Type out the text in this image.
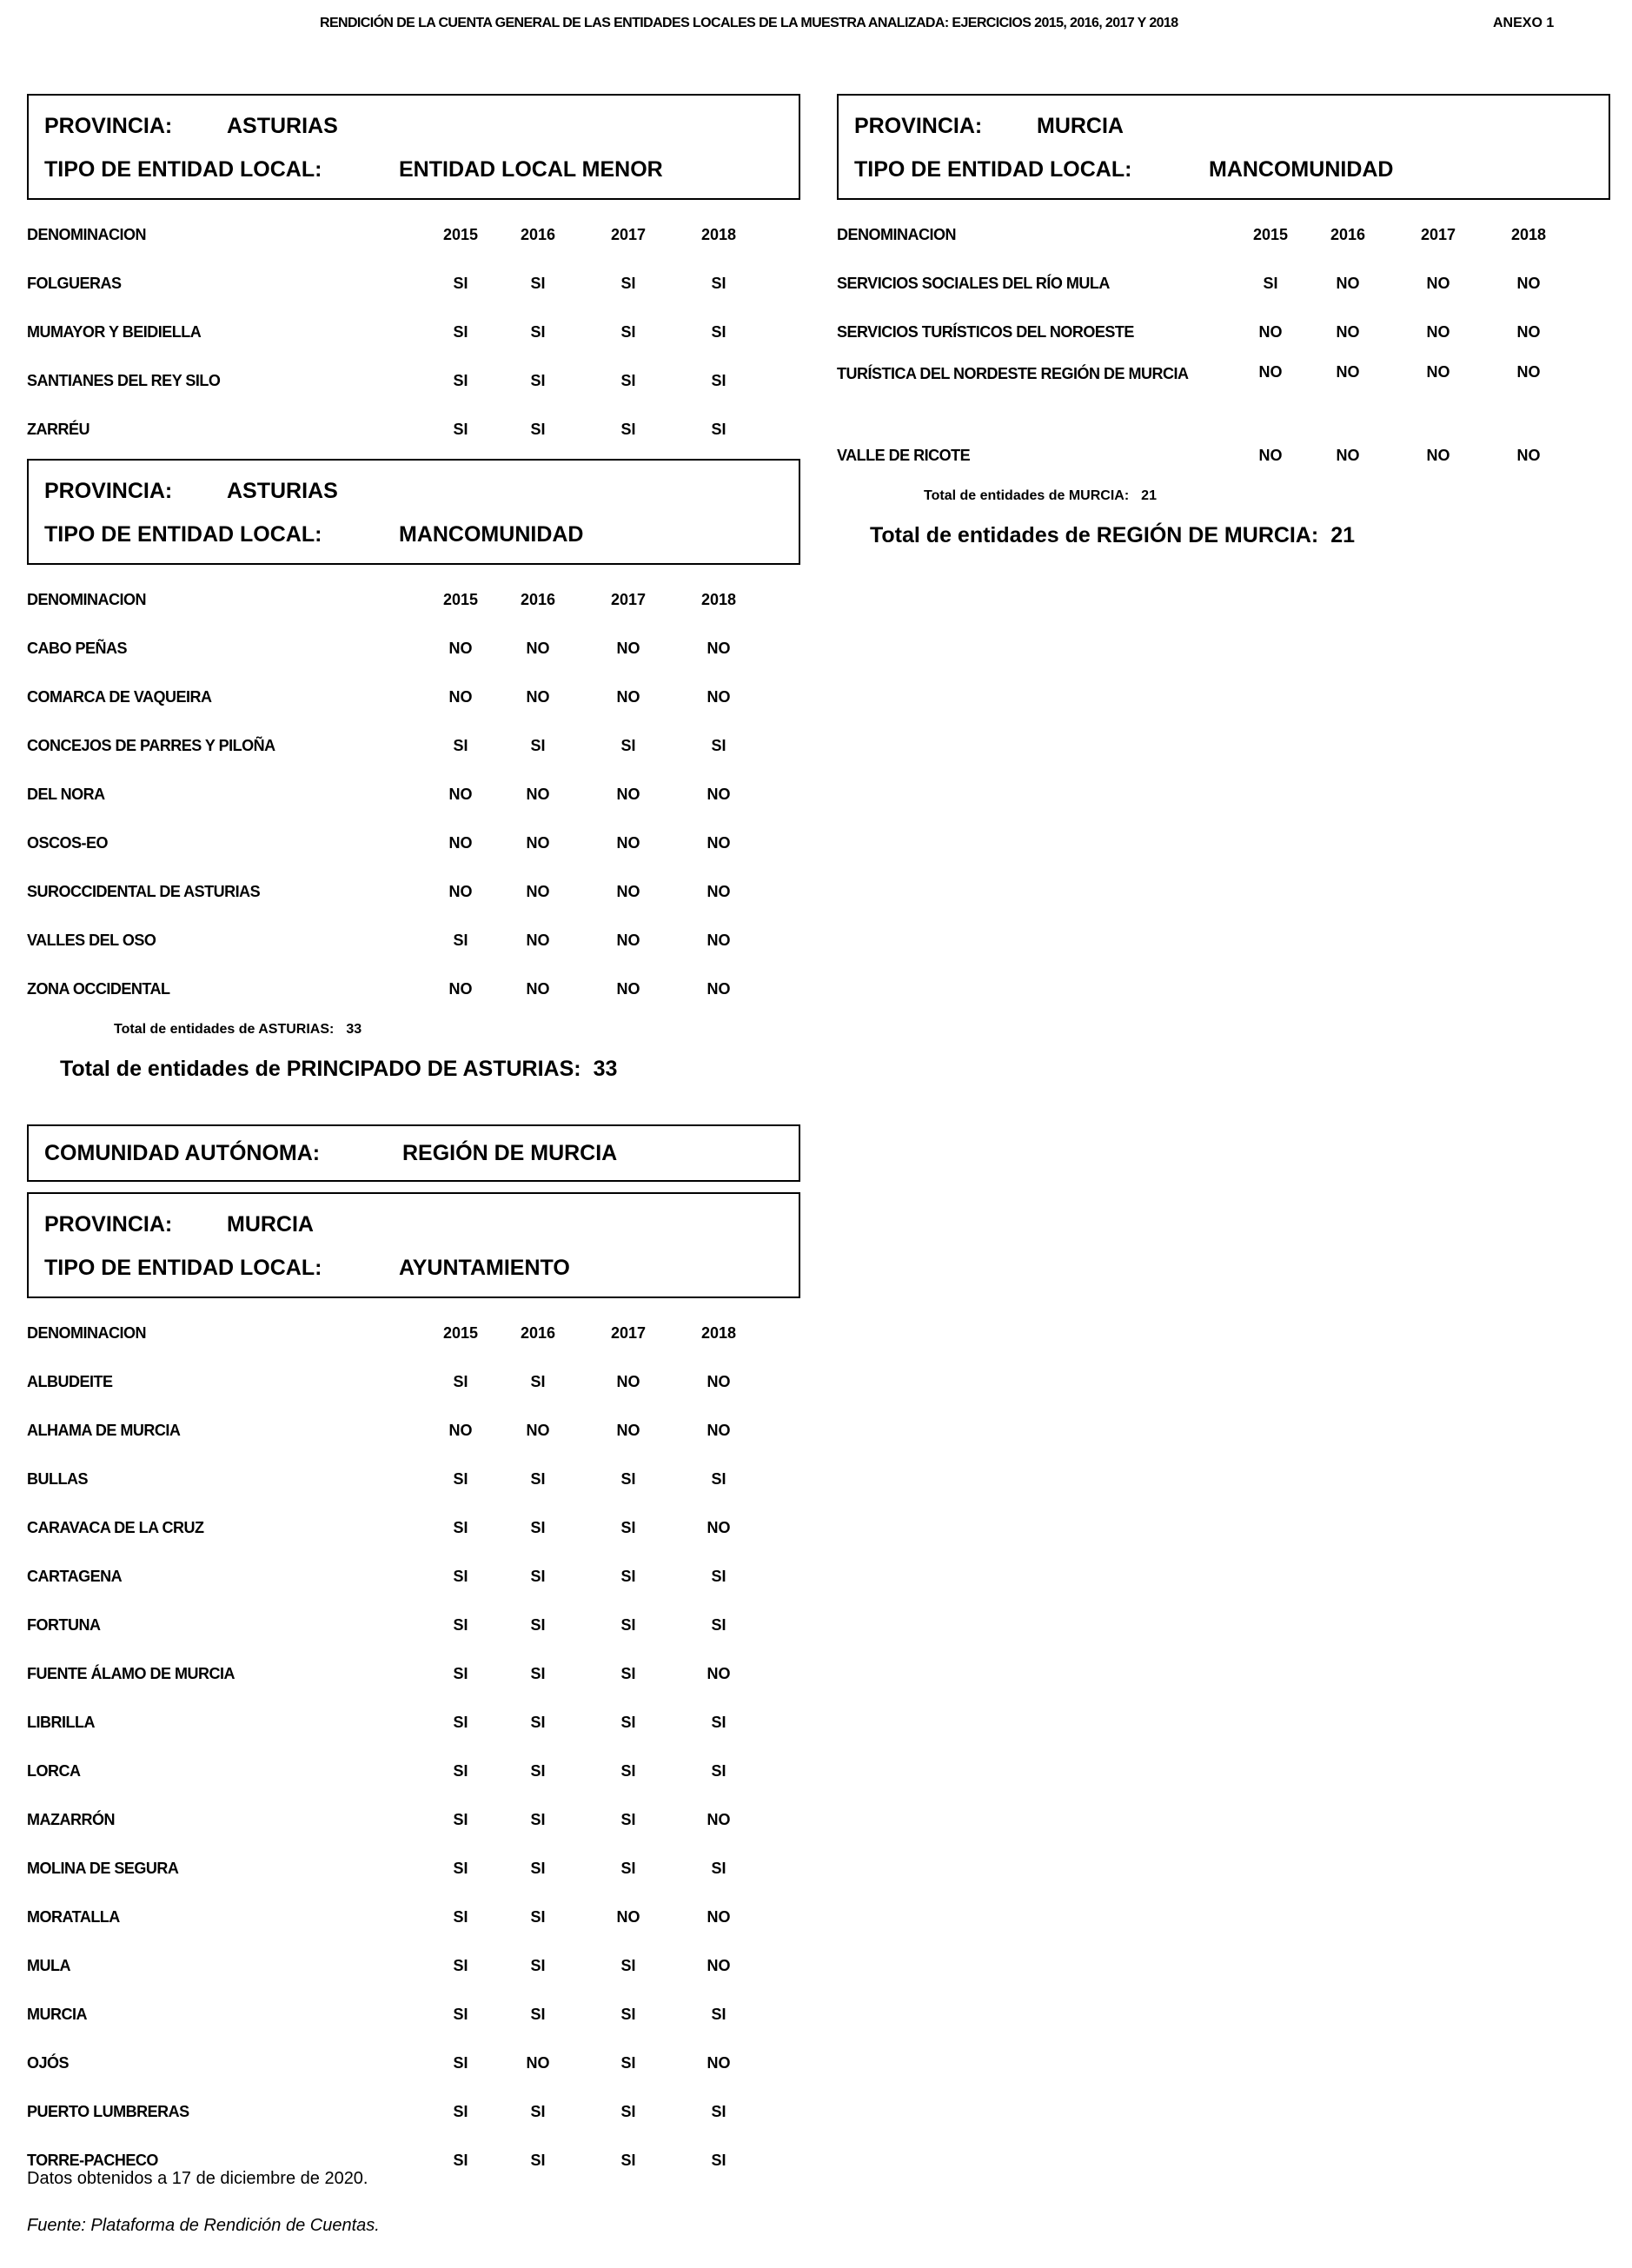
RENDICIÓN DE LA CUENTA GENERAL DE LAS ENTIDADES LOCALES DE LA MUESTRA ANALIZADA: EJERCICIOS 2015, 2016, 2017 Y 2018	ANEXO 1
PROVINCIA:	ASTURIAS
TIPO DE ENTIDAD LOCAL:	ENTIDAD LOCAL MENOR
DENOMINACION	2015	2016	2017	2018
FOLGUERAS	SI	SI	SI	SI
MUMAYOR Y BEIDIELLA	SI	SI	SI	SI
SANTIANES DEL REY SILO	SI	SI	SI	SI
ZARRÉU	SI	SI	SI	SI
PROVINCIA:	ASTURIAS
TIPO DE ENTIDAD LOCAL:	MANCOMUNIDAD
DENOMINACION	2015	2016	2017	2018
CABO PEÑAS	NO	NO	NO	NO
COMARCA DE VAQUEIRA	NO	NO	NO	NO
CONCEJOS DE PARRES Y PILOÑA	SI	SI	SI	SI
DEL NORA	NO	NO	NO	NO
OSCOS-EO	NO	NO	NO	NO
SUROCCIDENTAL DE ASTURIAS	NO	NO	NO	NO
VALLES DEL OSO	SI	NO	NO	NO
ZONA OCCIDENTAL	NO	NO	NO	NO
Total de entidades de ASTURIAS: 33
Total de entidades de PRINCIPADO DE ASTURIAS: 33
COMUNIDAD AUTÓNOMA:	REGIÓN DE MURCIA
PROVINCIA:	MURCIA
TIPO DE ENTIDAD LOCAL:	AYUNTAMIENTO
DENOMINACION	2015	2016	2017	2018
ALBUDEITE	SI	SI	NO	NO
ALHAMA DE MURCIA	NO	NO	NO	NO
BULLAS	SI	SI	SI	SI
CARAVACA DE LA CRUZ	SI	SI	SI	NO
CARTAGENA	SI	SI	SI	SI
FORTUNA	SI	SI	SI	SI
FUENTE ÁLAMO DE MURCIA	SI	SI	SI	NO
LIBRILLA	SI	SI	SI	SI
LORCA	SI	SI	SI	SI
MAZARRÓN	SI	SI	SI	NO
MOLINA DE SEGURA	SI	SI	SI	SI
MORATALLA	SI	SI	NO	NO
MULA	SI	SI	SI	NO
MURCIA	SI	SI	SI	SI
OJÓS	SI	NO	SI	NO
PUERTO LUMBRERAS	SI	SI	SI	SI
TORRE-PACHECO	SI	SI	SI	SI
PROVINCIA:	MURCIA
TIPO DE ENTIDAD LOCAL:	MANCOMUNIDAD
DENOMINACION	2015	2016	2017	2018
SERVICIOS SOCIALES DEL RÍO MULA	SI	NO	NO	NO
SERVICIOS TURÍSTICOS DEL NOROESTE	NO	NO	NO	NO
TURÍSTICA DEL NORDESTE REGIÓN DE MURCIA	NO	NO	NO	NO
VALLE DE RICOTE	NO	NO	NO	NO
Total de entidades de MURCIA: 21
Total de entidades de REGIÓN DE MURCIA: 21
Datos obtenidos a 17 de diciembre de 2020.
Fuente: Plataforma de Rendición de Cuentas.
